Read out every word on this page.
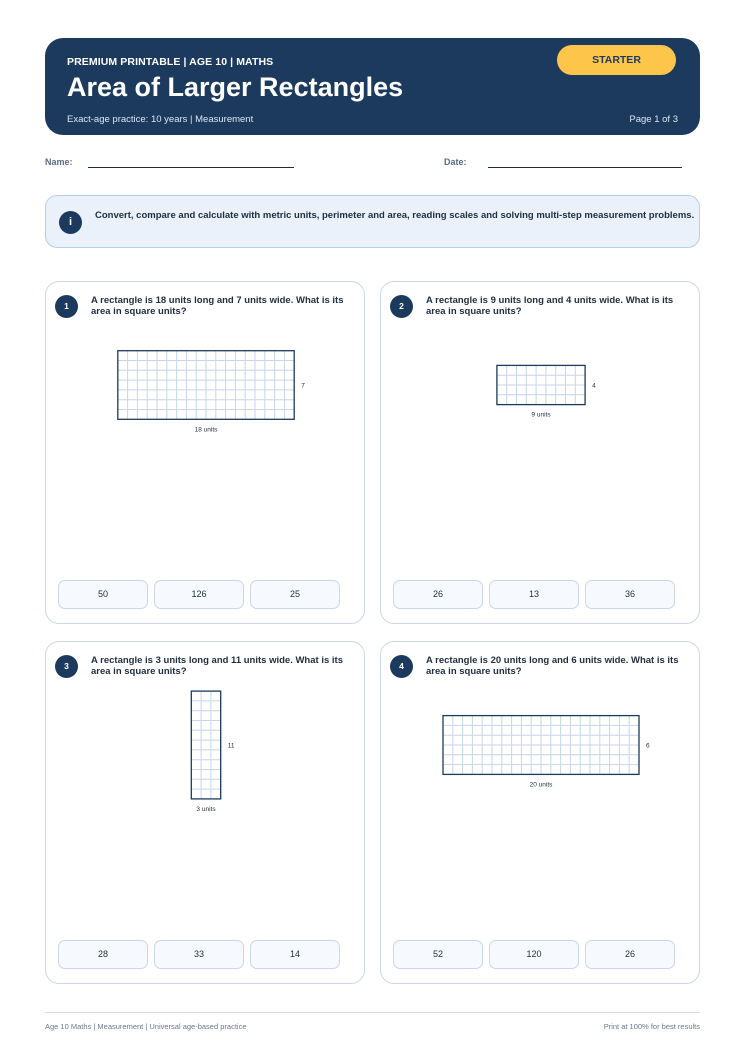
PREMIUM PRINTABLE | AGE 10 | MATHS
Area of Larger Rectangles
Exact-age practice: 10 years | Measurement	Page 1 of 3
STARTER
Name:	Date:
i
Convert, compare and calculate with metric units, perimeter and area, reading scales and solving multi-step measurement problems.
1	A rectangle is 18 units long and 7 units wide. What is its area in square units?
18 units
7
50	126	25
2	A rectangle is 9 units long and 4 units wide. What is its area in square units?
9 units
4
26	13	36
3	A rectangle is 3 units long and 11 units wide. What is its area in square units?
3 units
11
28	33	14
4	A rectangle is 20 units long and 6 units wide. What is its area in square units?
20 units
6
52	120	26
Age 10 Maths | Measurement | Universal age-based practice	Print at 100% for best results
